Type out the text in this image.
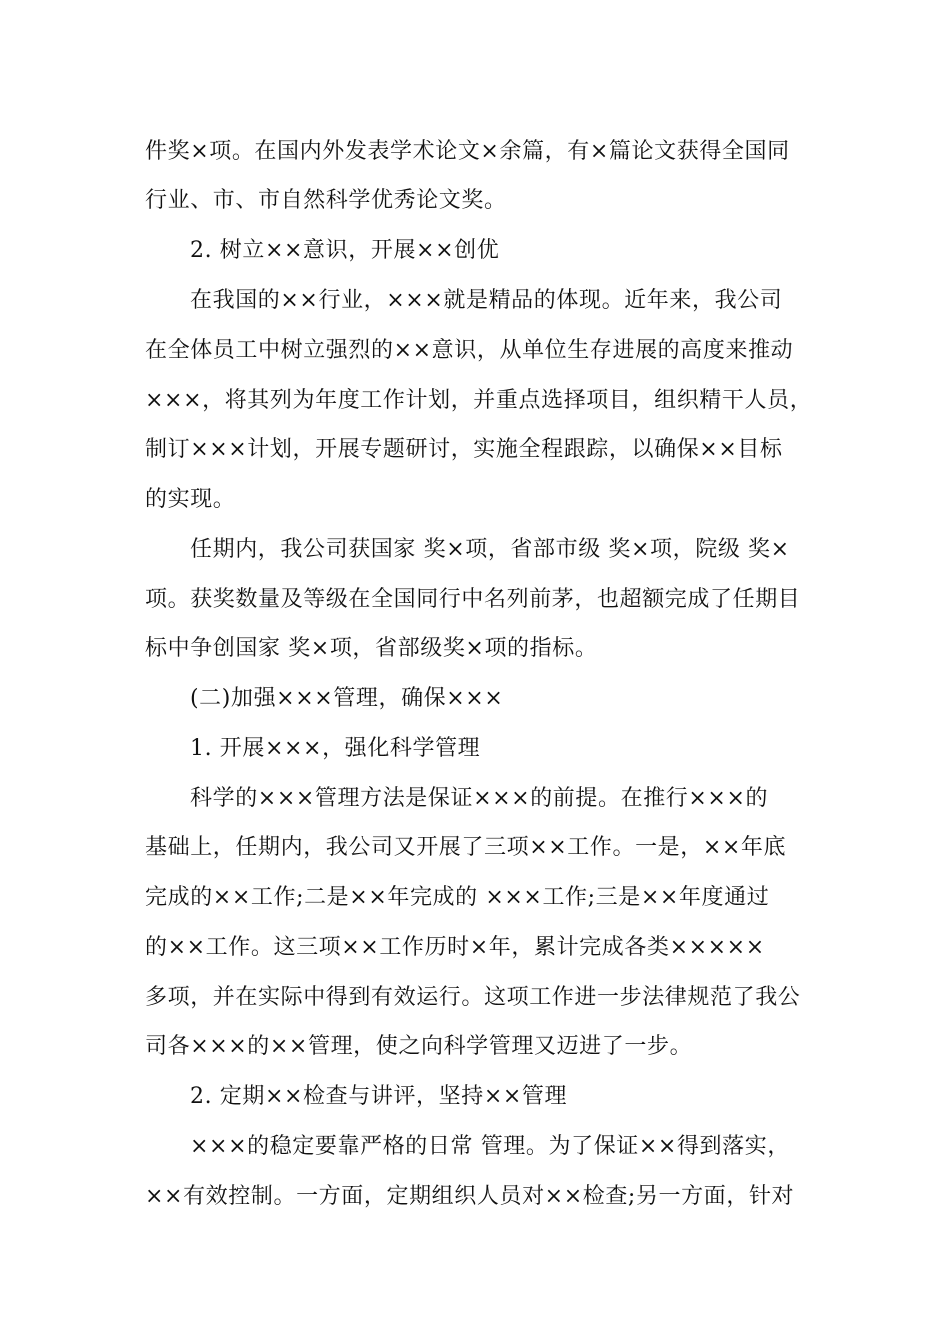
件奖×项。在国内外发表学术论文×余篇，有×篇论文获得全国同
行业、市、市自然科学优秀论文奖。
2. 树立××意识，开展××创优
在我国的××行业，×××就是精品的体现。近年来，我公司
在全体员工中树立强烈的××意识，从单位生存进展的高度来推动
×××，将其列为年度工作计划，并重点选择项目，组织精干人员，
制订×××计划，开展专题研讨，实施全程跟踪，以确保××目标
的实现。
任期内，我公司获国家 奖×项，省部市级 奖×项，院级 奖×
项。获奖数量及等级在全国同行中名列前茅，也超额完成了任期目
标中争创国家 奖×项，省部级奖×项的指标。
(二)加强×××管理，确保×××
1. 开展×××，强化科学管理
科学的×××管理方法是保证×××的前提。在推行×××的
基础上，任期内，我公司又开展了三项××工作。一是，××年底
完成的××工作;二是××年完成的 ×××工作;三是××年度通过
的××工作。这三项××工作历时×年，累计完成各类×××××
多项，并在实际中得到有效运行。这项工作进一步法律规范了我公
司各×××的××管理，使之向科学管理又迈进了一步。
2. 定期××检查与讲评，坚持××管理
×××的稳定要靠严格的日常 管理。为了保证××得到落实，
××有效控制。一方面，定期组织人员对××检查;另一方面，针对
